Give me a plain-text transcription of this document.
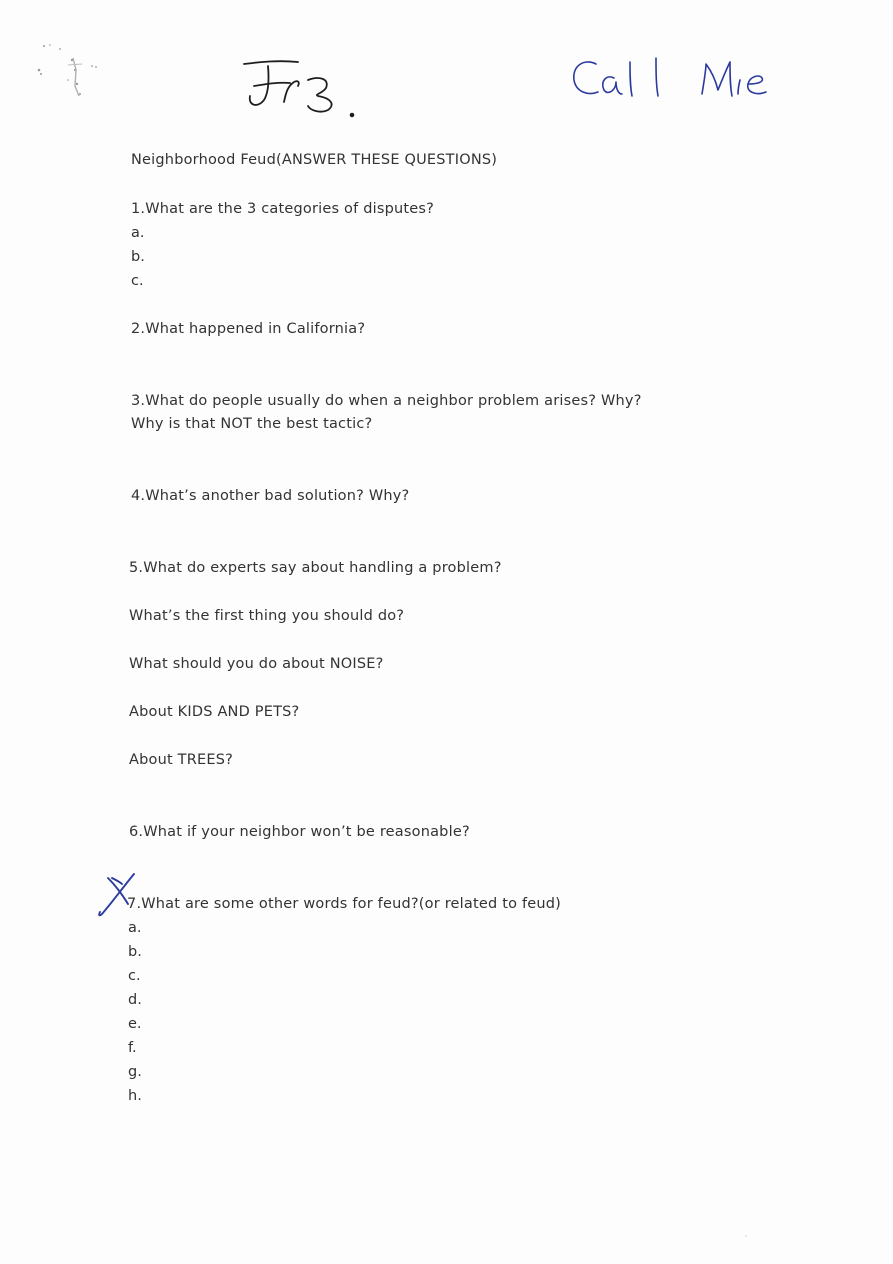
Neighborhood Feud(ANSWER THESE QUESTIONS)
1.What are the 3 categories of disputes?
a.
b.
c.
2.What happened in California?
3.What do people usually do when a neighbor problem arises? Why?
Why is that NOT the best tactic?
4.What’s another bad solution? Why?
5.What do experts say about handling a problem?
What’s the first thing you should do?
What should you do about NOISE?
About KIDS AND PETS?
About TREES?
6.What if your neighbor won’t be reasonable?
7.What are some other words for feud?(or related to feud)
a.
b.
c.
d.
e.
f.
g.
h.
